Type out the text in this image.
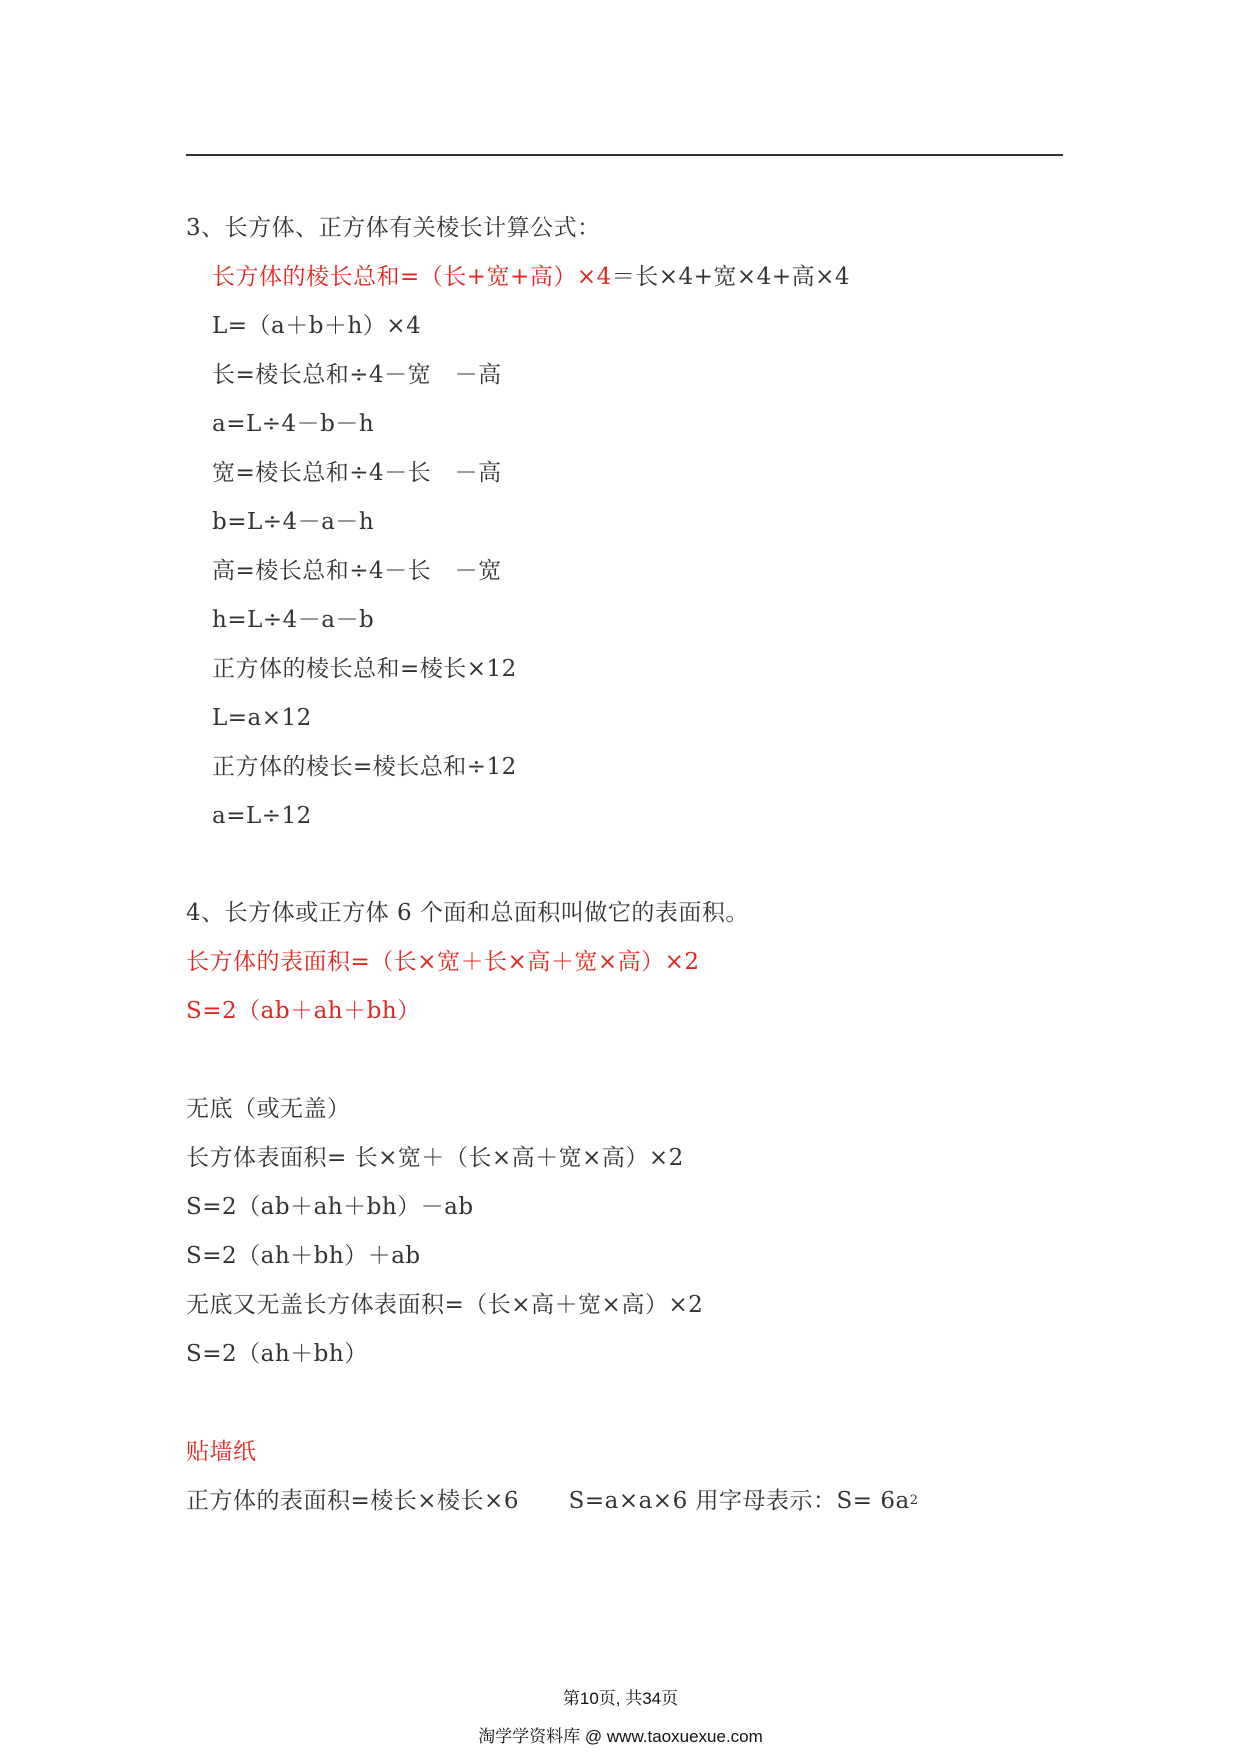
3、长方体、正方体有关棱长计算公式：
长方体的棱长总和=（长+宽+高）×4＝长×4+宽×4+高×4
L=（a＋b＋h）×4
长=棱长总和÷4－宽　－高
a=L÷4－b－h
宽=棱长总和÷4－长　－高
b=L÷4－a－h
高=棱长总和÷4－长　－宽
h=L÷4－a－b
正方体的棱长总和=棱长×12
L=a×12
正方体的棱长=棱长总和÷12
a=L÷12
4、长方体或正方体 6 个面和总面积叫做它的表面积。
长方体的表面积=（长×宽＋长×高＋宽×高）×2
S=2（ab＋ah＋bh）
无底（或无盖）
长方体表面积= 长×宽＋（长×高＋宽×高）×2
S=2（ab＋ah＋bh）－ab
S=2（ah＋bh）＋ab
无底又无盖长方体表面积=（长×高＋宽×高）×2
S=2（ah＋bh）
贴墙纸
正方体的表面积=棱长×棱长×6 S=a×a×6 用字母表示：$S= 6a^2$
第10页, 共34页
淘学学资料库 @ www.taoxuexue.com
